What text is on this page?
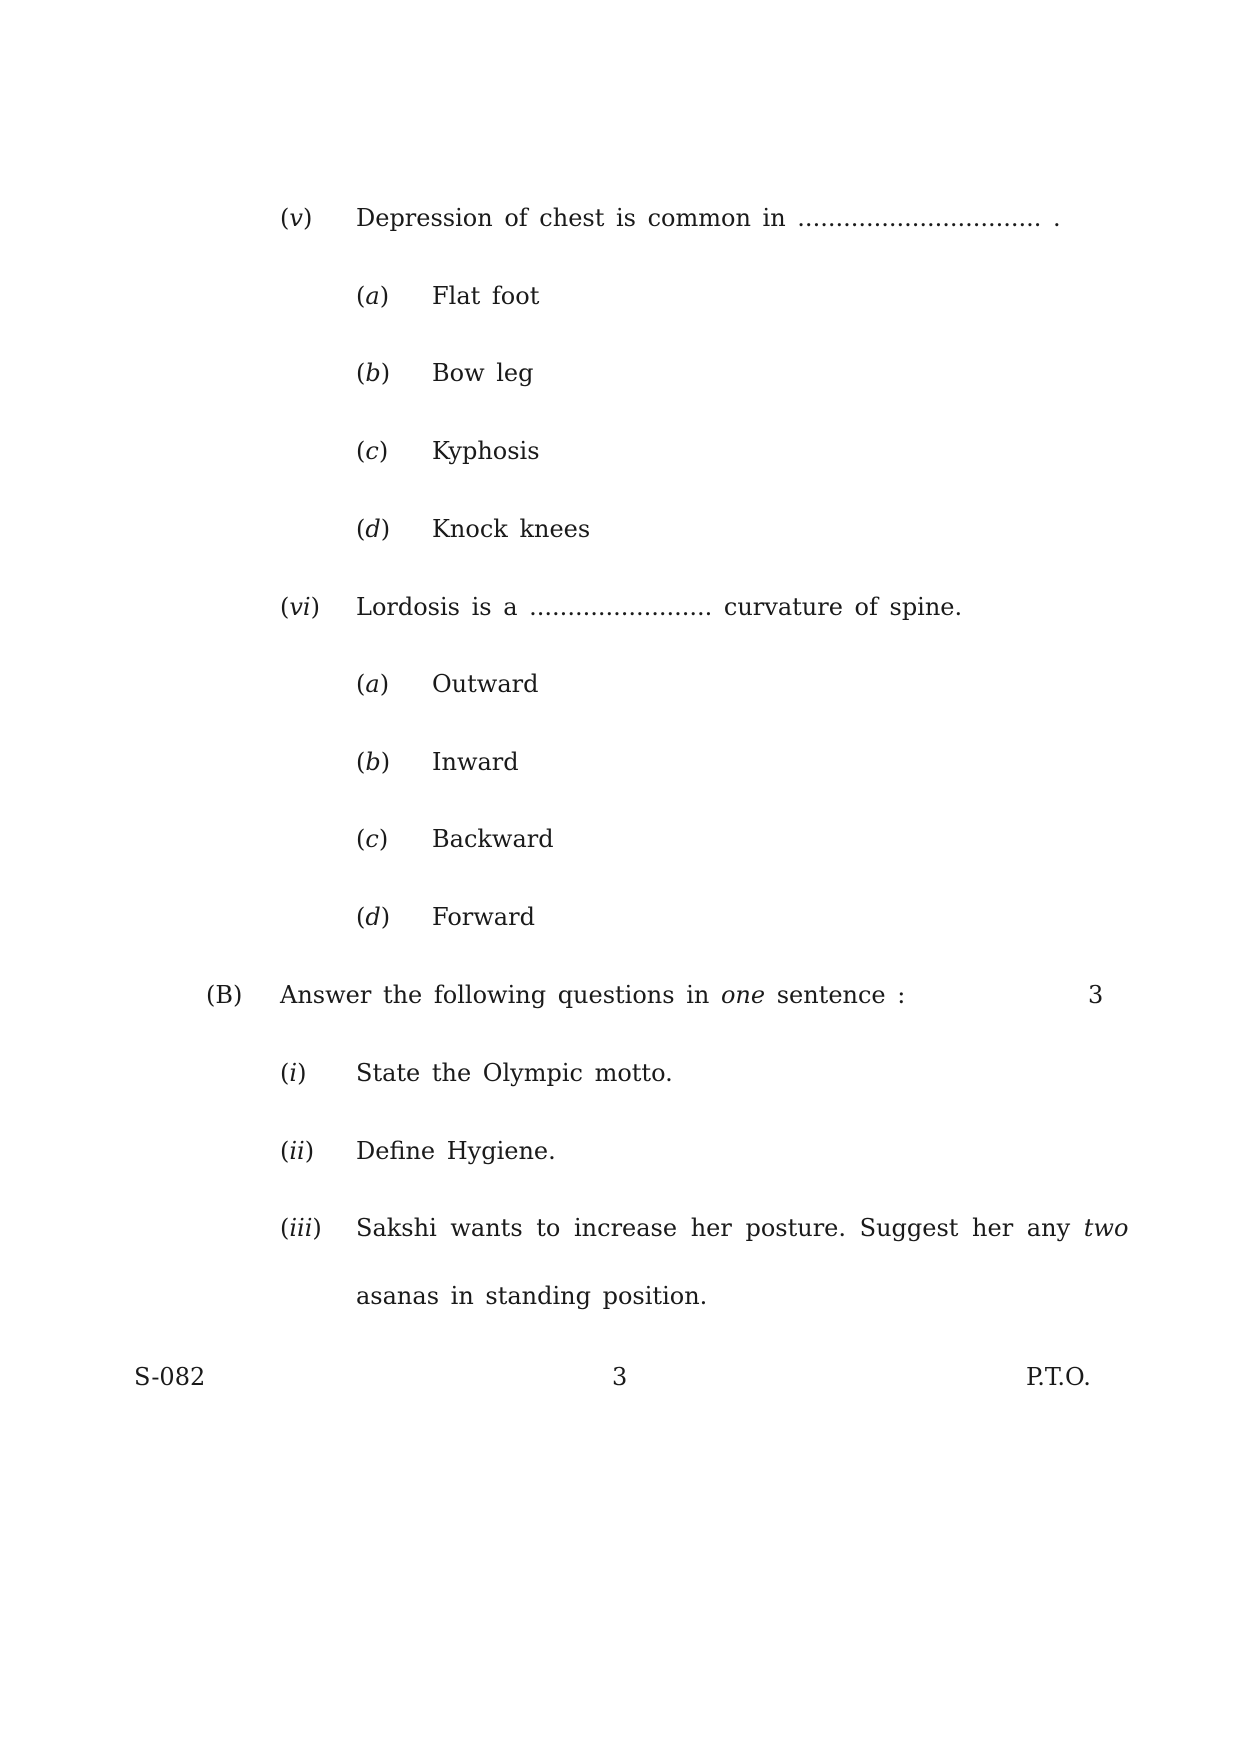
(v) Depression of chest is common in ................................ .
(a) Flat foot
(b) Bow leg
(c) Kyphosis
(d) Knock knees
(vi) Lordosis is a ........................ curvature of spine.
(a) Outward
(b) Inward
(c) Backward
(d) Forward
(B) Answer the following questions in one sentence :	3
(i) State the Olympic motto.
(ii) Define Hygiene.
(iii) Sakshi wants to increase her posture. Suggest her any two
asanas in standing position.
S-082	3	P.T.O.
